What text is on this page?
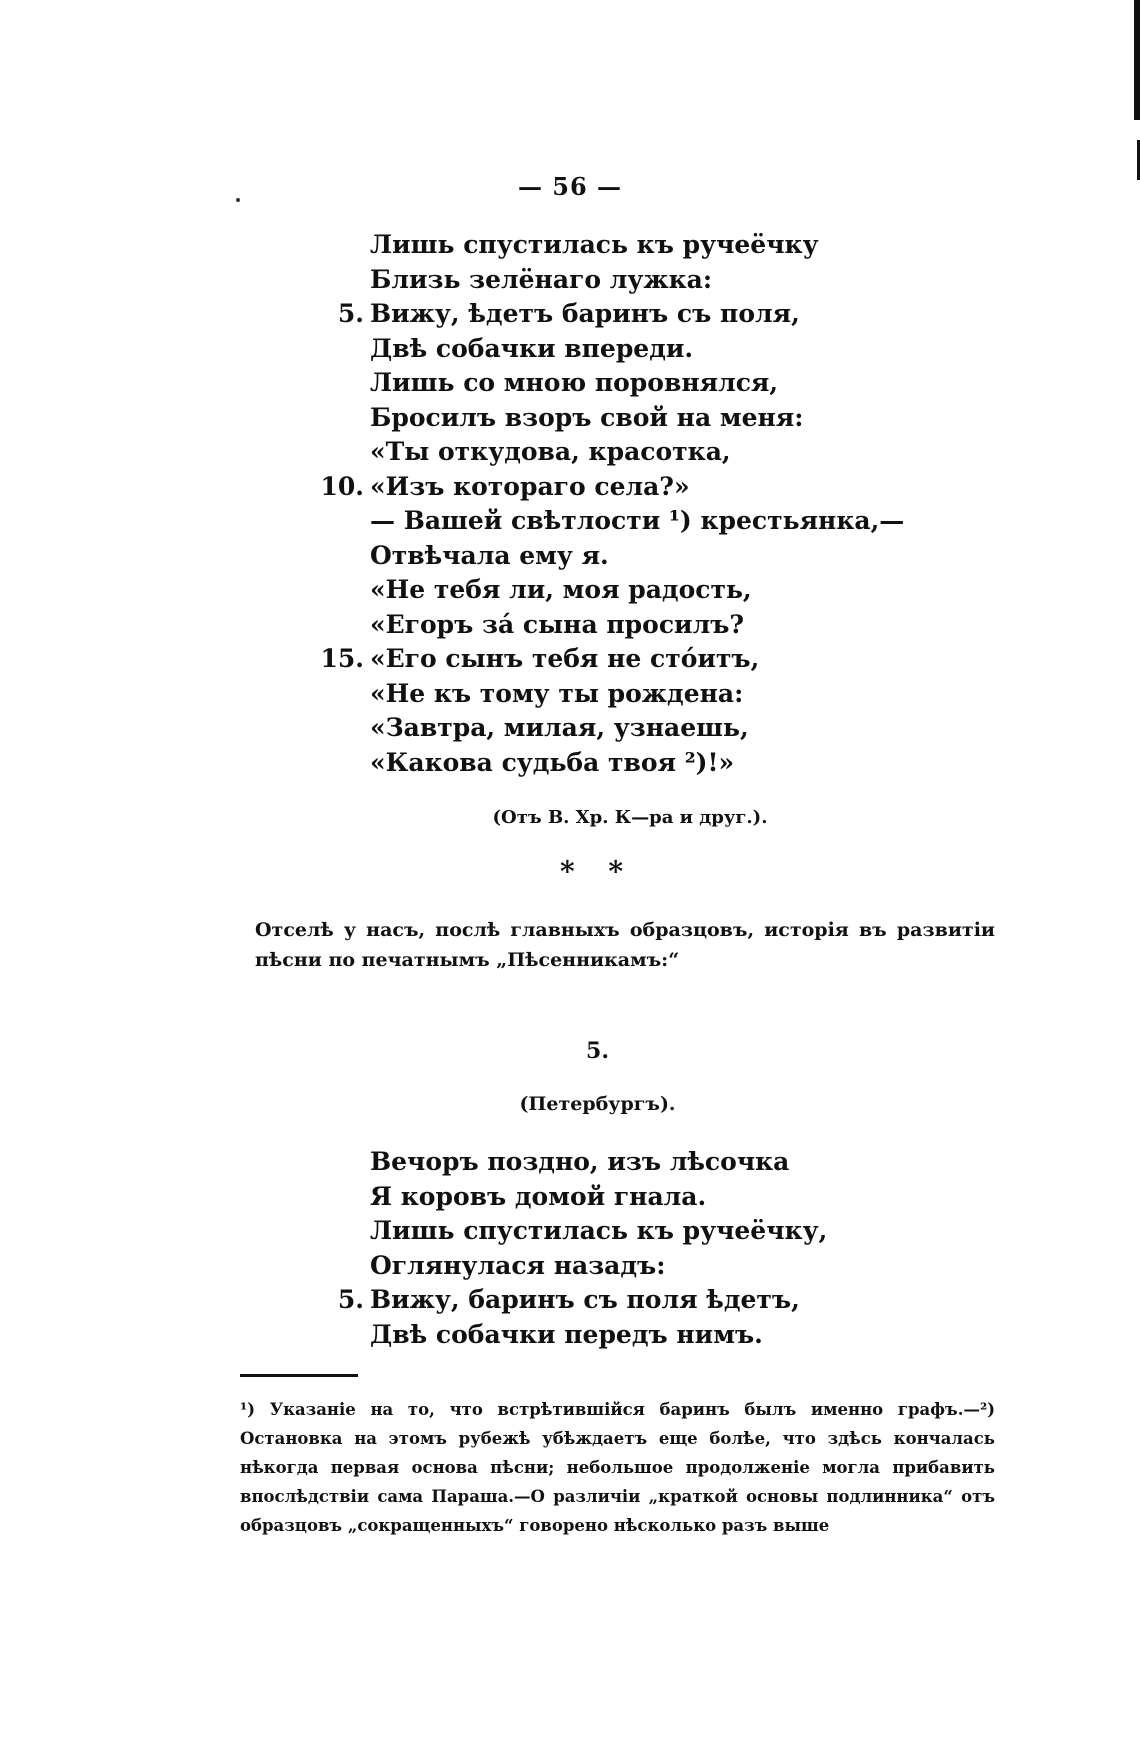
— 56 —
Лишь спустилась къ ручеёчку
Близь зелёнаго лужка:
5. Вижу, ѣдетъ баринъ съ поля,
Двѣ собачки впереди.
Лишь со мною поровнялся,
Бросилъ взоръ свой на меня:
«Ты откудова, красотка,
10. «Изъ котораго села?»
— Вашей свѣтлости ¹) крестьянка,—
Отвѣчала ему я.
«Не тебя ли, моя радость,
«Егоръ зá сына просилъ?
15. «Его сынъ тебя не стóитъ,
«Не къ тому ты рождена:
«Завтра, милая, узнаешь,
«Какова судьба твоя ²)!»
(Отъ В. Хр. К—ра и друг.).
* *
Отселѣ у насъ, послѣ главныхъ образцовъ, исторія въ развитіи пѣсни по печатнымъ „Пѣсенникамъ:“
5.
(Петербургъ).
Вечоръ поздно, изъ лѣсочка
Я коровъ домой гнала.
Лишь спустилась къ ручеёчку,
Оглянулася назадъ:
5. Вижу, баринъ съ поля ѣдетъ,
Двѣ собачки передъ нимъ.
¹) Указаніе на то, что встрѣтившійся баринъ былъ именно графъ.—²) Остановка на этомъ рубежѣ убѣждаетъ еще болѣе, что здѣсь кончалась нѣкогда первая основа пѣсни; небольшое продолженіе могла прибавить впослѣдствіи сама Параша.—О различіи „краткой основы подлинника“ отъ образцовъ „сокращенныхъ“ говорено нѣсколько разъ выше
